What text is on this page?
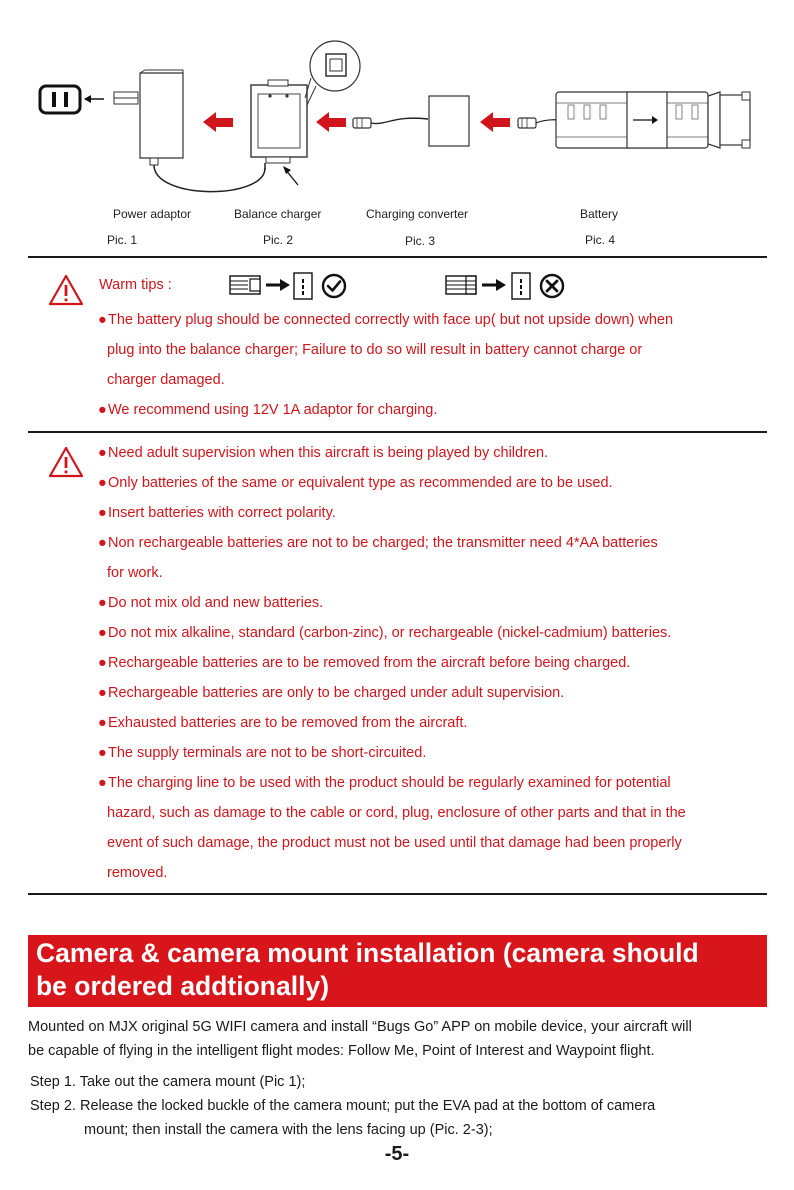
Power adaptor	Balance charger	Charging converter	Battery
Pic. 1	Pic. 2	Pic. 3	Pic. 4
Warm tips :
●The battery plug should be connected correctly with face up( but not upside down) when
plug into the balance charger; Failure to do so will result in battery cannot charge or
charger damaged.
●We recommend using 12V 1A adaptor for charging.
●Need adult supervision when this aircraft is being played by children.
●Only batteries of the same or equivalent type as recommended are to be used.
●Insert batteries with correct polarity.
●Non rechargeable batteries are not to be charged; the transmitter need 4*AA batteries
for work.
●Do not mix old and new batteries.
●Do not mix alkaline, standard (carbon-zinc), or rechargeable (nickel-cadmium) batteries.
●Rechargeable batteries are to be removed from the aircraft before being charged.
●Rechargeable batteries are only to be charged under adult supervision.
●Exhausted batteries are to be removed from the aircraft.
●The supply terminals are not to be short-circuited.
●The charging line to be used with the product should be regularly examined for potential
hazard, such as damage to the cable or cord, plug, enclosure of other parts and that in the
event of such damage, the product must not be used until that damage had been properly
removed.
Camera & camera mount installation (camera should
be ordered addtionally)
Mounted on MJX original 5G WIFI camera and install “Bugs Go” APP on mobile device, your aircraft will
be capable of flying in the intelligent flight modes: Follow Me, Point of Interest and Waypoint flight.
Step 1. Take out the camera mount (Pic 1);
Step 2. Release the locked buckle of the camera mount; put the EVA pad at the bottom of camera
mount; then install the camera with the lens facing up (Pic. 2-3);
-5-
